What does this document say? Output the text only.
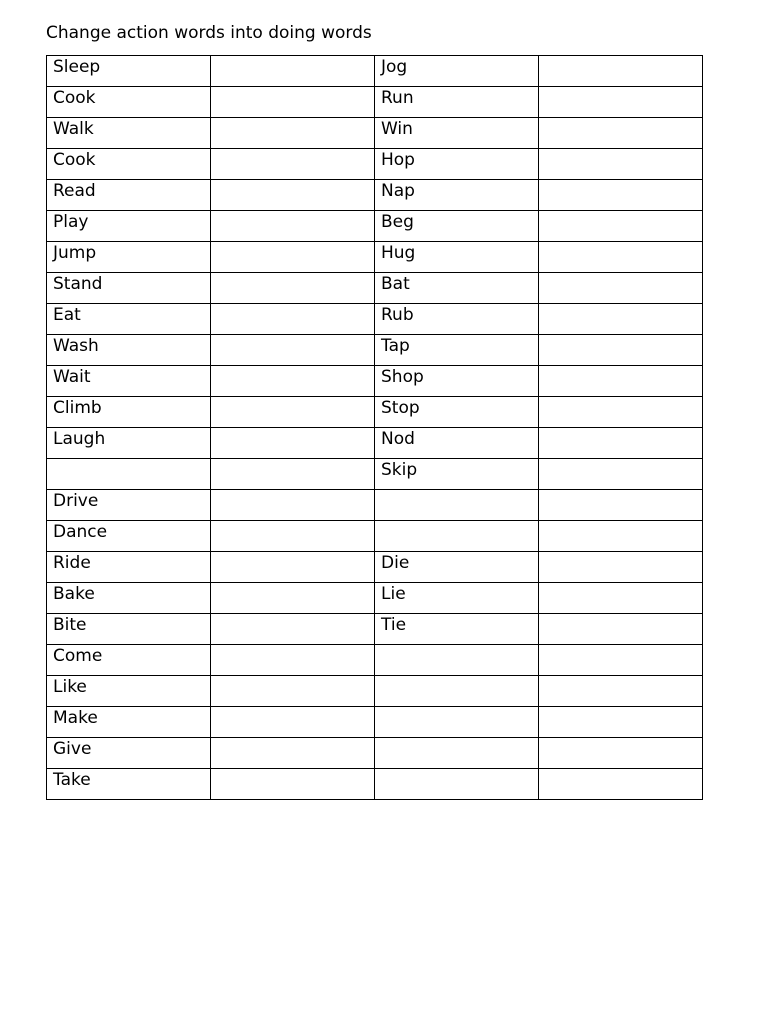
Change action words into doing words
Sleep		Jog	
Cook		Run	
Walk		Win	
Cook		Hop	
Read		Nap	
Play		Beg	
Jump		Hug	
Stand		Bat	
Eat		Rub	
Wash		Tap	
Wait		Shop	
Climb		Stop	
Laugh		Nod	
		Skip	
Drive			
Dance			
Ride		Die	
Bake		Lie	
Bite		Tie	
Come			
Like			
Make			
Give			
Take			
